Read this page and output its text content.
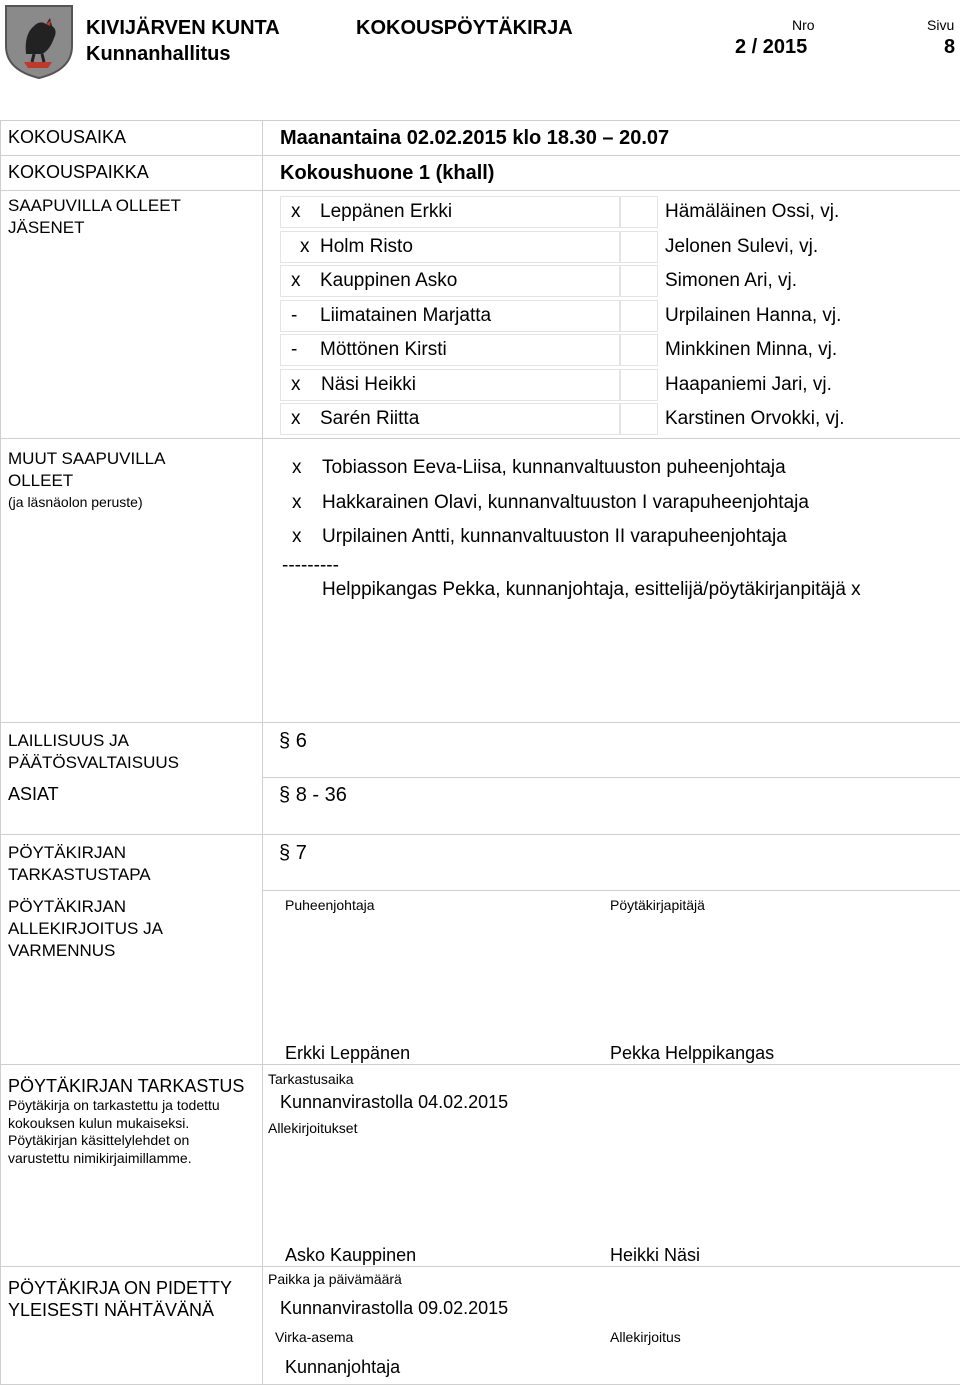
KIVIJÄRVEN KUNTA
Kunnanhallitus
KOKOUSPÖYTÄKIRJA	Nro
2 / 2015
Sivu
8
KOKOUSAIKA	Maanantaina 02.02.2015 klo 18.30 – 20.07
KOKOUSPAIKKA	Kokoushuone 1 (khall)
SAAPUVILLA OLLEET
JÄSENET
x Leppänen Erkki	Hämäläinen Ossi, vj.
x Holm Risto	Jelonen Sulevi, vj.
x Kauppinen Asko	Simonen Ari, vj.
- Liimatainen Marjatta	Urpilainen Hanna, vj.
- Möttönen Kirsti	Minkkinen Minna, vj.
x Näsi Heikki	Haapaniemi Jari, vj.
x Sarén Riitta	Karstinen Orvokki, vj.
MUUT SAAPUVILLA
OLLEET
(ja läsnäolon peruste)
x Tobiasson Eeva-Liisa, kunnanvaltuuston puheenjohtaja
x Hakkarainen Olavi, kunnanvaltuuston I varapuheenjohtaja
x Urpilainen Antti, kunnanvaltuuston II varapuheenjohtaja
---------
Helppikangas Pekka, kunnanjohtaja, esittelijä/pöytäkirjanpitäjä x
LAILLISUUS JA
PÄÄTÖSVALTAISUUS
§ 6
ASIAT	§ 8 - 36
PÖYTÄKIRJAN
TARKASTUSTAPA
§ 7
PÖYTÄKIRJAN
ALLEKIRJOITUS JA
VARMENNUS
Puheenjohtaja	Pöytäkirjapitäjä
Erkki Leppänen	Pekka Helppikangas
PÖYTÄKIRJAN TARKASTUS
Pöytäkirja on tarkastettu ja todettu
kokouksen kulun mukaiseksi.
Pöytäkirjan käsittelylehdet on
varustettu nimikirjaimillamme.
Tarkastusaika
Kunnanvirastolla 04.02.2015
Allekirjoitukset
Asko Kauppinen	Heikki Näsi
PÖYTÄKIRJA ON PIDETTY
YLEISESTI NÄHTÄVÄNÄ
Paikka ja päivämäärä
Kunnanvirastolla 09.02.2015
Virka-asema	Allekirjoitus
Kunnanjohtaja
